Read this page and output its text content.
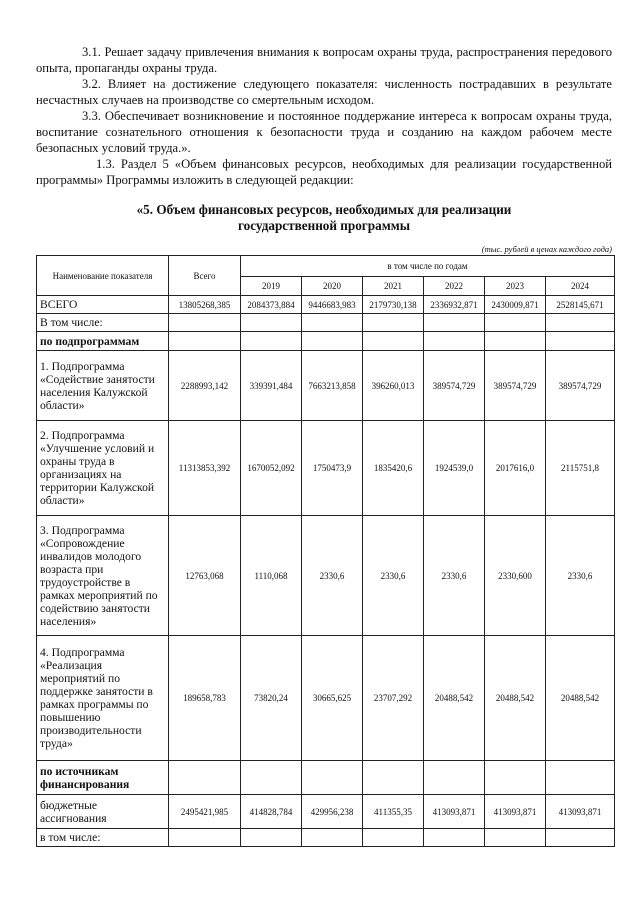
3.1. Решает задачу привлечения внимания к вопросам охраны труда, распространения передового опыта, пропаганды охраны труда.

3.2. Влияет на достижение следующего показателя: численность пострадавших в результате несчастных случаев на производстве со смертельным исходом.

3.3. Обеспечивает возникновение и постоянное поддержание интереса к вопросам охраны труда, воспитание сознательного отношения к безопасности труда и созданию на каждом рабочем месте безопасных условий труда.».

1.3. Раздел 5 «Объем финансовых ресурсов, необходимых для реализации государственной программы» Программы изложить в следующей редакции:

«5. Объем финансовых ресурсов, необходимых для реализации
государственной программы
(тыс. рублей в ценах каждого года)
Наименование показателя	Всего	в том числе по годам					
		2019	2020	2021	2022	2023	2024
ВСЕГО	13805268,385	2084373,884	9446683,983	2179730,138	2336932,871	2430009,871	2528145,671
В том числе:							
по подпрограммам							
1. Подпрограмма «Содействие занятости населения Калужской области»	2288993,142	339391,484	7663213,858	396260,013	389574,729	389574,729	389574,729
2. Подпрограмма «Улучшение условий и охраны труда в организациях на территории Калужской области»	11313853,392	1670052,092	1750473,9	1835420,6	1924539,0	2017616,0	2115751,8
3. Подпрограмма «Сопровождение инвалидов молодого возраста при трудоустройстве в рамках мероприятий по содействию занятости населения»	12763,068	1110,068	2330,6	2330,6	2330,6	2330,600	2330,6
4. Подпрограмма «Реализация мероприятий по поддержке занятости в рамках программы по повышению производительности труда»	189658,783	73820,24	30665,625	23707,292	20488,542	20488,542	20488,542
по источникам финансирования							
бюджетные ассигнования	2495421,985	414828,784	429956,238	411355,35	413093,871	413093,871	413093,871
в том числе:							
